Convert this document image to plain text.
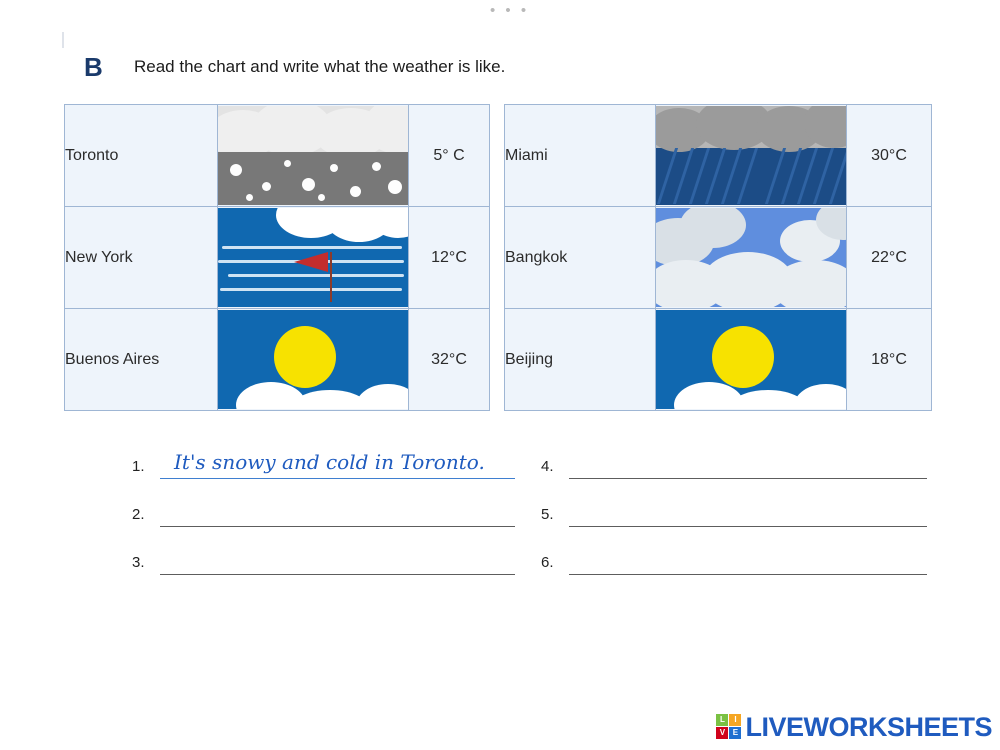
• • •
B Read the chart and write what the weather is like.
Toronto		5° C
New York		12°C
Buenos Aires		32°C
Miami		30°C
Bangkok		22°C
Beijing		18°C
1. It's snowy and cold in Toronto.
2.
3.
4.
5.
6.
L	I
V E LIVEWORKSHEETS
